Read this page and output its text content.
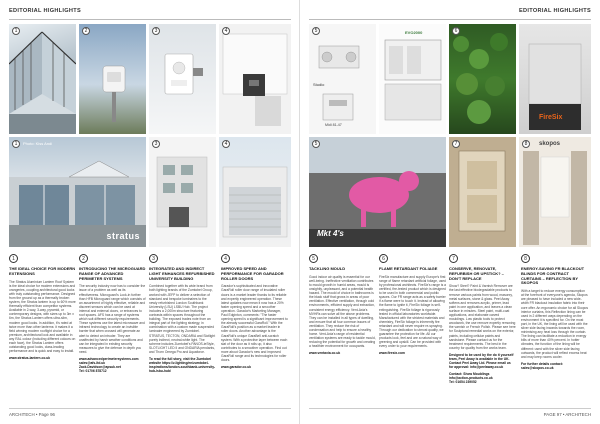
EDITORIAL HIGHLIGHTS
1	2	3	4
1	Photo: Kiss Andi
stratus
3	4
1
THE IDEAL CHOICE FOR MODERN EXTENSIONS
The Stratus Aluminium Lantern Roof System is the ideal choice for modern extensions and orangeries, coupling architectural good looks with truly outstanding performance. Designed from the ground up as a thermally broken system, the Stratus lantern is up to 60% more thermally efficient than competitor systems. Available in 2-way, 3-way, pyramid, or contemporary designs, with sizes up to 3m x 6m, the Stratus Lantern offers ultra-slim, modern good looks. In addition, it's rated at twice more than other lanterns: it makes it a field winning modern rooflight choice for a premium, architectural look and available in any RAL colour (including different colours on each face), the Stratus Lantern offers outstanding good looks, class-leading performance and is quick and easy to install.
www.stratus-lantern.co.uk
2
INTRODUCING THE MICROGUARD RANGE OF ADVANCED PERIMETER SYSTEMS
The security industry now has to consider the issue of a problem as well as its effectiveness. Microguard's Lock-in further than HFB Microguard range which consists of an assortment of highly effective, reliable and discreet sensors which can be used at internal and external doors, or entrances to roof spaces. AFS has a range of systems which suit different security requirements. These systems use the latest microwave and infrared technology to create an invisible barrier that when crossed will generate an alert to detect an intruder. They are unaffected by harsh weather conditions and can be integrated in existing security measures to give the defence in depth you need.
www.advancedperimetersystems.com
sales@afs-ltd.uk
Zack.Davidson@apsuk.net
Tel: 01706 878712
3
INTEGRATED AND INDIRECT LIGHT ENHANCES REFURBISHED UNIVERSITY BUILDING
Combined together with its wide brand from both lighting brands of the Zumtobel Group, worked with JEFP to deliver a selection of standard and bespoke luminaires to the newly refurbished London Southbank University (LSU) LSBU Hub. The project includes a 2,000m structure featuring contrasts within spaces throughout the building. The exposed trades note from an integral part of the lighting strategy, in combination with a custom made suspended luminaire engineered by Zumtobel. STRATUS, TECTON, ONDARIA and Slotlight purely indirect, neutral-white light. The scheme includes Zumtobel's PANOS-ieStyle, SLOTLIGHT LED II and ONDARIA pendants, and Thorn Omega Pro and Aquaforce.
To read the full story, visit the Zumtobel website https://z.lighting/en/zumtobel-inspirations/london-southbank-university-hub-lsbu-hub/
4
IMPROVED SPEED AND PERFORMANCE FOR GARADOR ROLLER DOORS
Garador's sophisticated and innovative GaraRoll roller door range of insulated roller doors is a market leader thanks to its reliable and expertly engineered operation. These latest updates now mean it now has a 20% faster opening speed and a smoother operation. Garador's Marketing Manager, Paul Edginton, comments: "The faster opening speed is a significant improvement to the already successful GaraRoll." With the GaraRoll's position as a market leader in roller doors. Another advantage is the GaraRoll's unique GaraBell anti-scratch system. With a protective layer between each slat of the door as it rolls up, it also contributes to a smoother operation. Find out more about Garador's new and improved GaraRoll range and its technologies for roller doors.
www.garador.co.uk
ARCHITECH • Page 96
EDITORIAL HIGHLIGHTS
5
Studio
Midi 81-47
EVO2000	6
FireSix
5
Mkt 4's
7	8	skopos
5
TACKLING MOULD
Good indoor air quality is essential for our well-being. Ineffective ventilation contributes to mould growth in humid areas, mould is unsightly, unpleasant, and a potential health hazard. The mould of choice in bathrooms is the black stuff that grows in areas of poor ventilation. Effective ventilation, through cold environments, efficient supply and extraction, consistent energy efficiency. Vent-Axia's MVHRs can solve all the above problems. They can be installed in all types of dwelling, and ensure that all four common issues of ventilation. They reduce the risk of condensation and help to ensure a healthy home. Vent-Axia's range of residential ventilation systems are ready to tackle mould, reducing the potential for growth and creating a healthier environment for occupants.
www.ventaxia.co.uk
6
FLAME RETARDANT FOLIAGE
FireSix manufacture and supply Europe's first range of flame retardant artificial foliage, used by professional architects. FireSix's range is a certified, fire-tested product which is designed to be used in both commercial and public spaces. Our FR range acts as a safety barrier if a flame were to touch it. Instead of allowing the flame to ignite it, FireSix foliage is self-extinguishing. FireSix foliage is rigorously tested in official laboratories worldwide. Manufactured with the strictest materials and chemistry, FireSix foliage is inherently fire retardant and will never require re-spraying. Through our dedication to utmost quality, we guarantee the protection for life. All our products look, feel and are a natural way of greening and upskill. Can be provided with every order to your requirements.
www.firesix.com
7
CONSERVE, RENOVATE, REFURBISH OR UPSTICK? – DON'T REPLACE
Show? Steel? Paint & Varnish Remover are the last effective biodegradable products to remove various paints from wood, masonry, metal surfaces, stone & glass. Peel Away softens and removes acrylic, primer, lead paint in one application, and leaves a clean surface in minutes. Steel paint, multi-coat applications, and elaborate carved mouldings. Low plastic tools to protect woodwork, the use remove expertly removing the varnish or French Polish. Please see here for Sculptural remedial works on the exterior, paints, including cellular paints and sandstone. Please contact us for the treatment requirements. The best in the country for quality from the works team.
Designed to be used by the do it yourself team, Peel Away is available in the UK. Contact Peel Away Ltd. Please email us for approval: info@peelaway.co.uk
Contact: Show Mouldings
info@action-products.co.uk
Tel: 01654 239052
8
ENERGY-SAVING FR BLACKOUT BLINDS FOR CONTRACT CURTAINS – REFLECTION BY SKOPOS
With a target to reduce energy consumption at the forefront of everyone's agenda, Skopos are pleased to have included a new wide-width FR blackout insulation fabric into their core offer. An ergonomic choice for all Skopos interior curtains, this Reflection lining can be used in 2 different ways depending on the environment it is specified for. On the most part, in the UK, the lining will be used with the silver side facing inwards towards the room, minimising any heat loss through the curtain. The lining can facilitate a reduction in energy bills of more than 40% percent. In hotter climates, the function of the lining will be different: used with the silver side facing outwards, the product will reflect excess heat and may keep rooms cooler.
For further details contact: sales@skopos.co.uk
PAGE 97 • ARCHITECH
